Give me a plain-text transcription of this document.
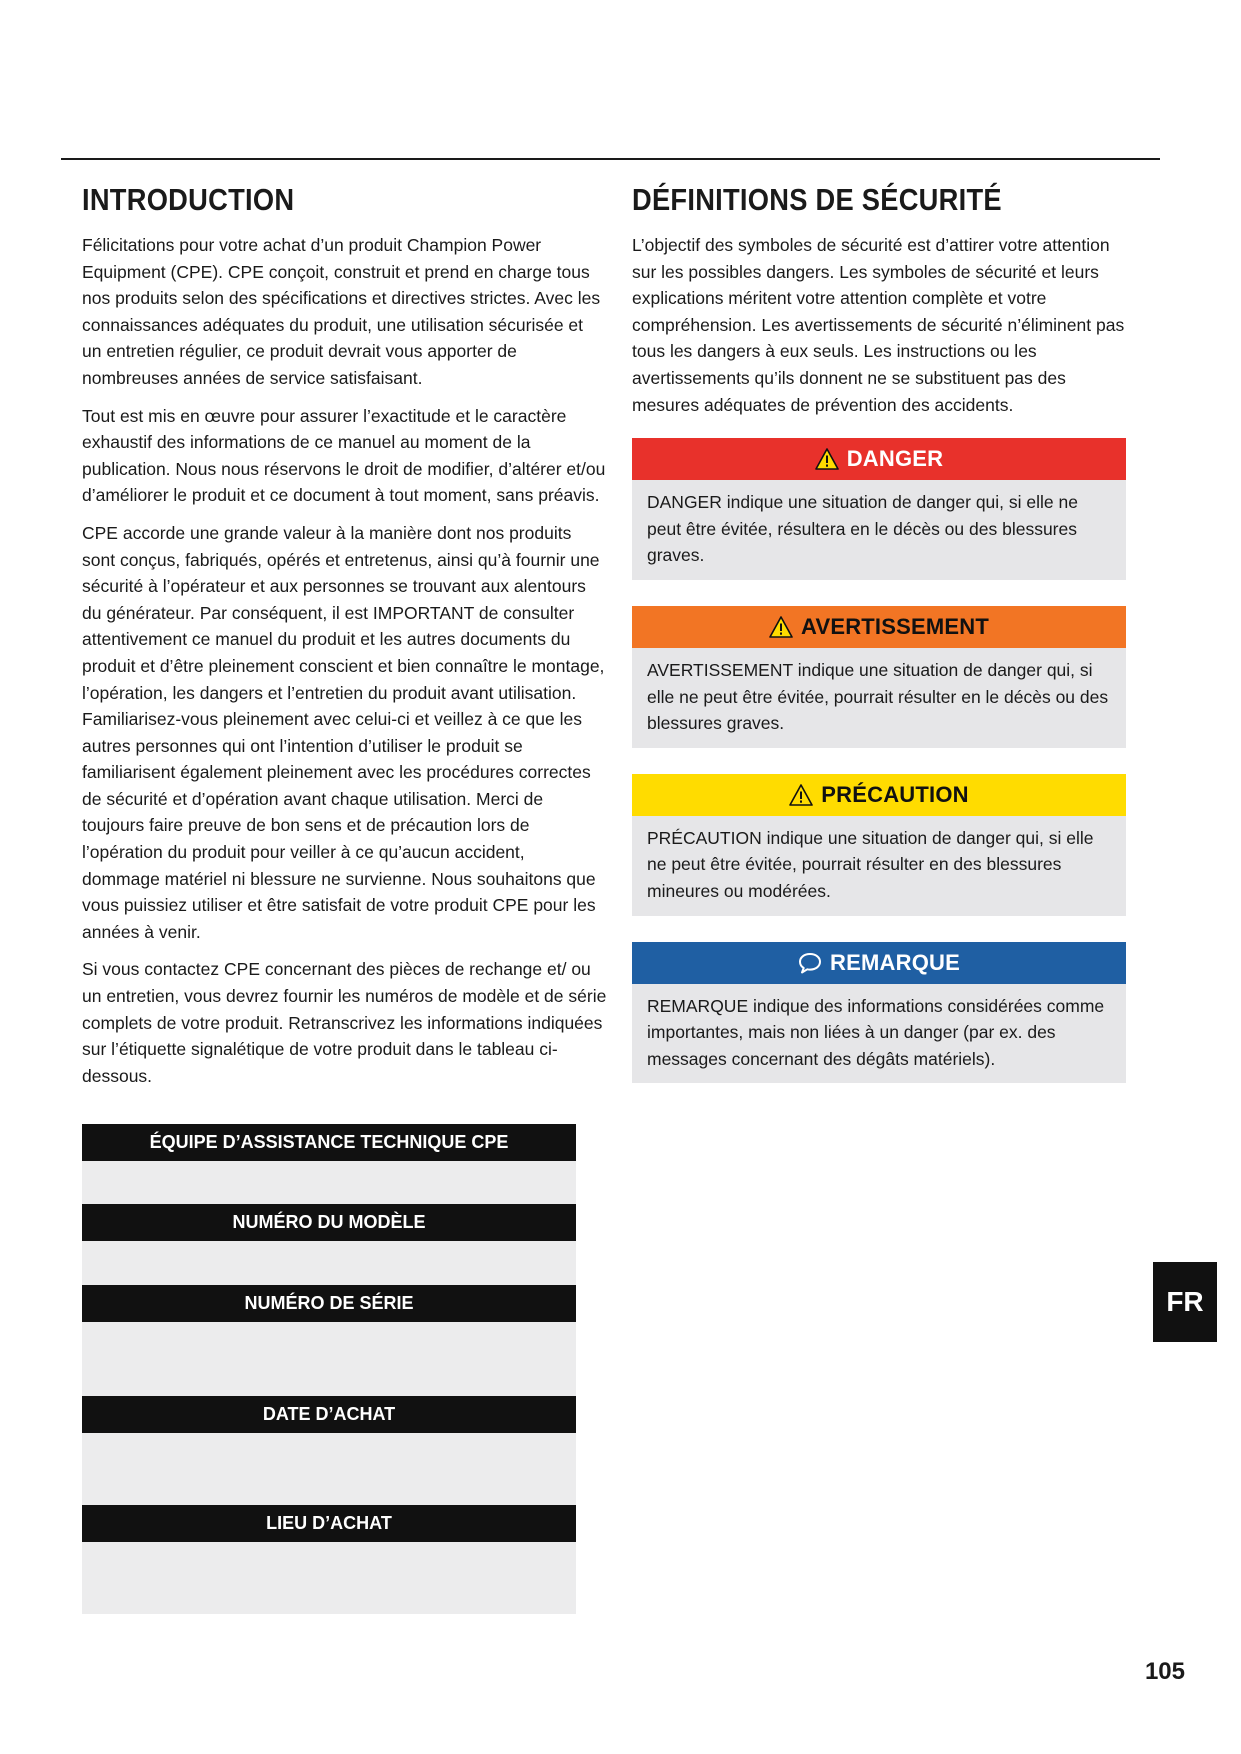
INTRODUCTION

Félicitations pour votre achat d’un produit Champion Power Equipment (CPE). CPE conçoit, construit et prend en charge tous nos produits selon des spécifications et directives strictes. Avec les connaissances adéquates du produit, une utilisation sécurisée et un entretien régulier, ce produit devrait vous apporter de nombreuses années de service satisfaisant.

Tout est mis en œuvre pour assurer l’exactitude et le caractère exhaustif des informations de ce manuel au moment de la publication. Nous nous réservons le droit de modifier, d’altérer et/ou d’améliorer le produit et ce document à tout moment, sans préavis.

CPE accorde une grande valeur à la manière dont nos produits sont conçus, fabriqués, opérés et entretenus, ainsi qu’à fournir une sécurité à l’opérateur et aux personnes se trouvant aux alentours du générateur. Par conséquent, il est IMPORTANT de consulter attentivement ce manuel du produit et les autres documents du produit et d’être pleinement conscient et bien connaître le montage, l’opération, les dangers et l’entretien du produit avant utilisation. Familiarisez-vous pleinement avec celui-ci et veillez à ce que les autres personnes qui ont l’intention d’utiliser le produit se familiarisent également pleinement avec les procédures correctes de sécurité et d’opération avant chaque utilisation. Merci de toujours faire preuve de bon sens et de précaution lors de l’opération du produit pour veiller à ce qu’aucun accident, dommage matériel ni blessure ne survienne. Nous souhaitons que vous puissiez utiliser et être satisfait de votre produit CPE pour les années à venir.

Si vous contactez CPE concernant des pièces de rechange et/ ou un entretien, vous devrez fournir les numéros de modèle et de série complets de votre produit. Retranscrivez les informations indiquées sur l’étiquette signalétique de votre produit dans le tableau ci-dessous.

ÉQUIPE D’ASSISTANCE TECHNIQUE CPE
NUMÉRO DU MODÈLE
NUMÉRO DE SÉRIE
DATE D’ACHAT
LIEU D’ACHAT
DÉFINITIONS DE SÉCURITÉ

L’objectif des symboles de sécurité est d’attirer votre attention sur les possibles dangers. Les symboles de sécurité et leurs explications méritent votre attention complète et votre compréhension. Les avertissements de sécurité n’éliminent pas tous les dangers à eux seuls. Les instructions ou les avertissements qu’ils donnent ne se substituent pas des mesures adéquates de prévention des accidents.

DANGER
DANGER indique une situation de danger qui, si elle ne peut être évitée, résultera en le décès ou des blessures graves.
AVERTISSEMENT
AVERTISSEMENT indique une situation de danger qui, si elle ne peut être évitée, pourrait résulter en le décès ou des blessures graves.
PRÉCAUTION
PRÉCAUTION indique une situation de danger qui, si elle ne peut être évitée, pourrait résulter en des blessures mineures ou modérées.
REMARQUE
REMARQUE indique des informations considérées comme importantes, mais non liées à un danger (par ex. des messages concernant des dégâts matériels).
FR
105
